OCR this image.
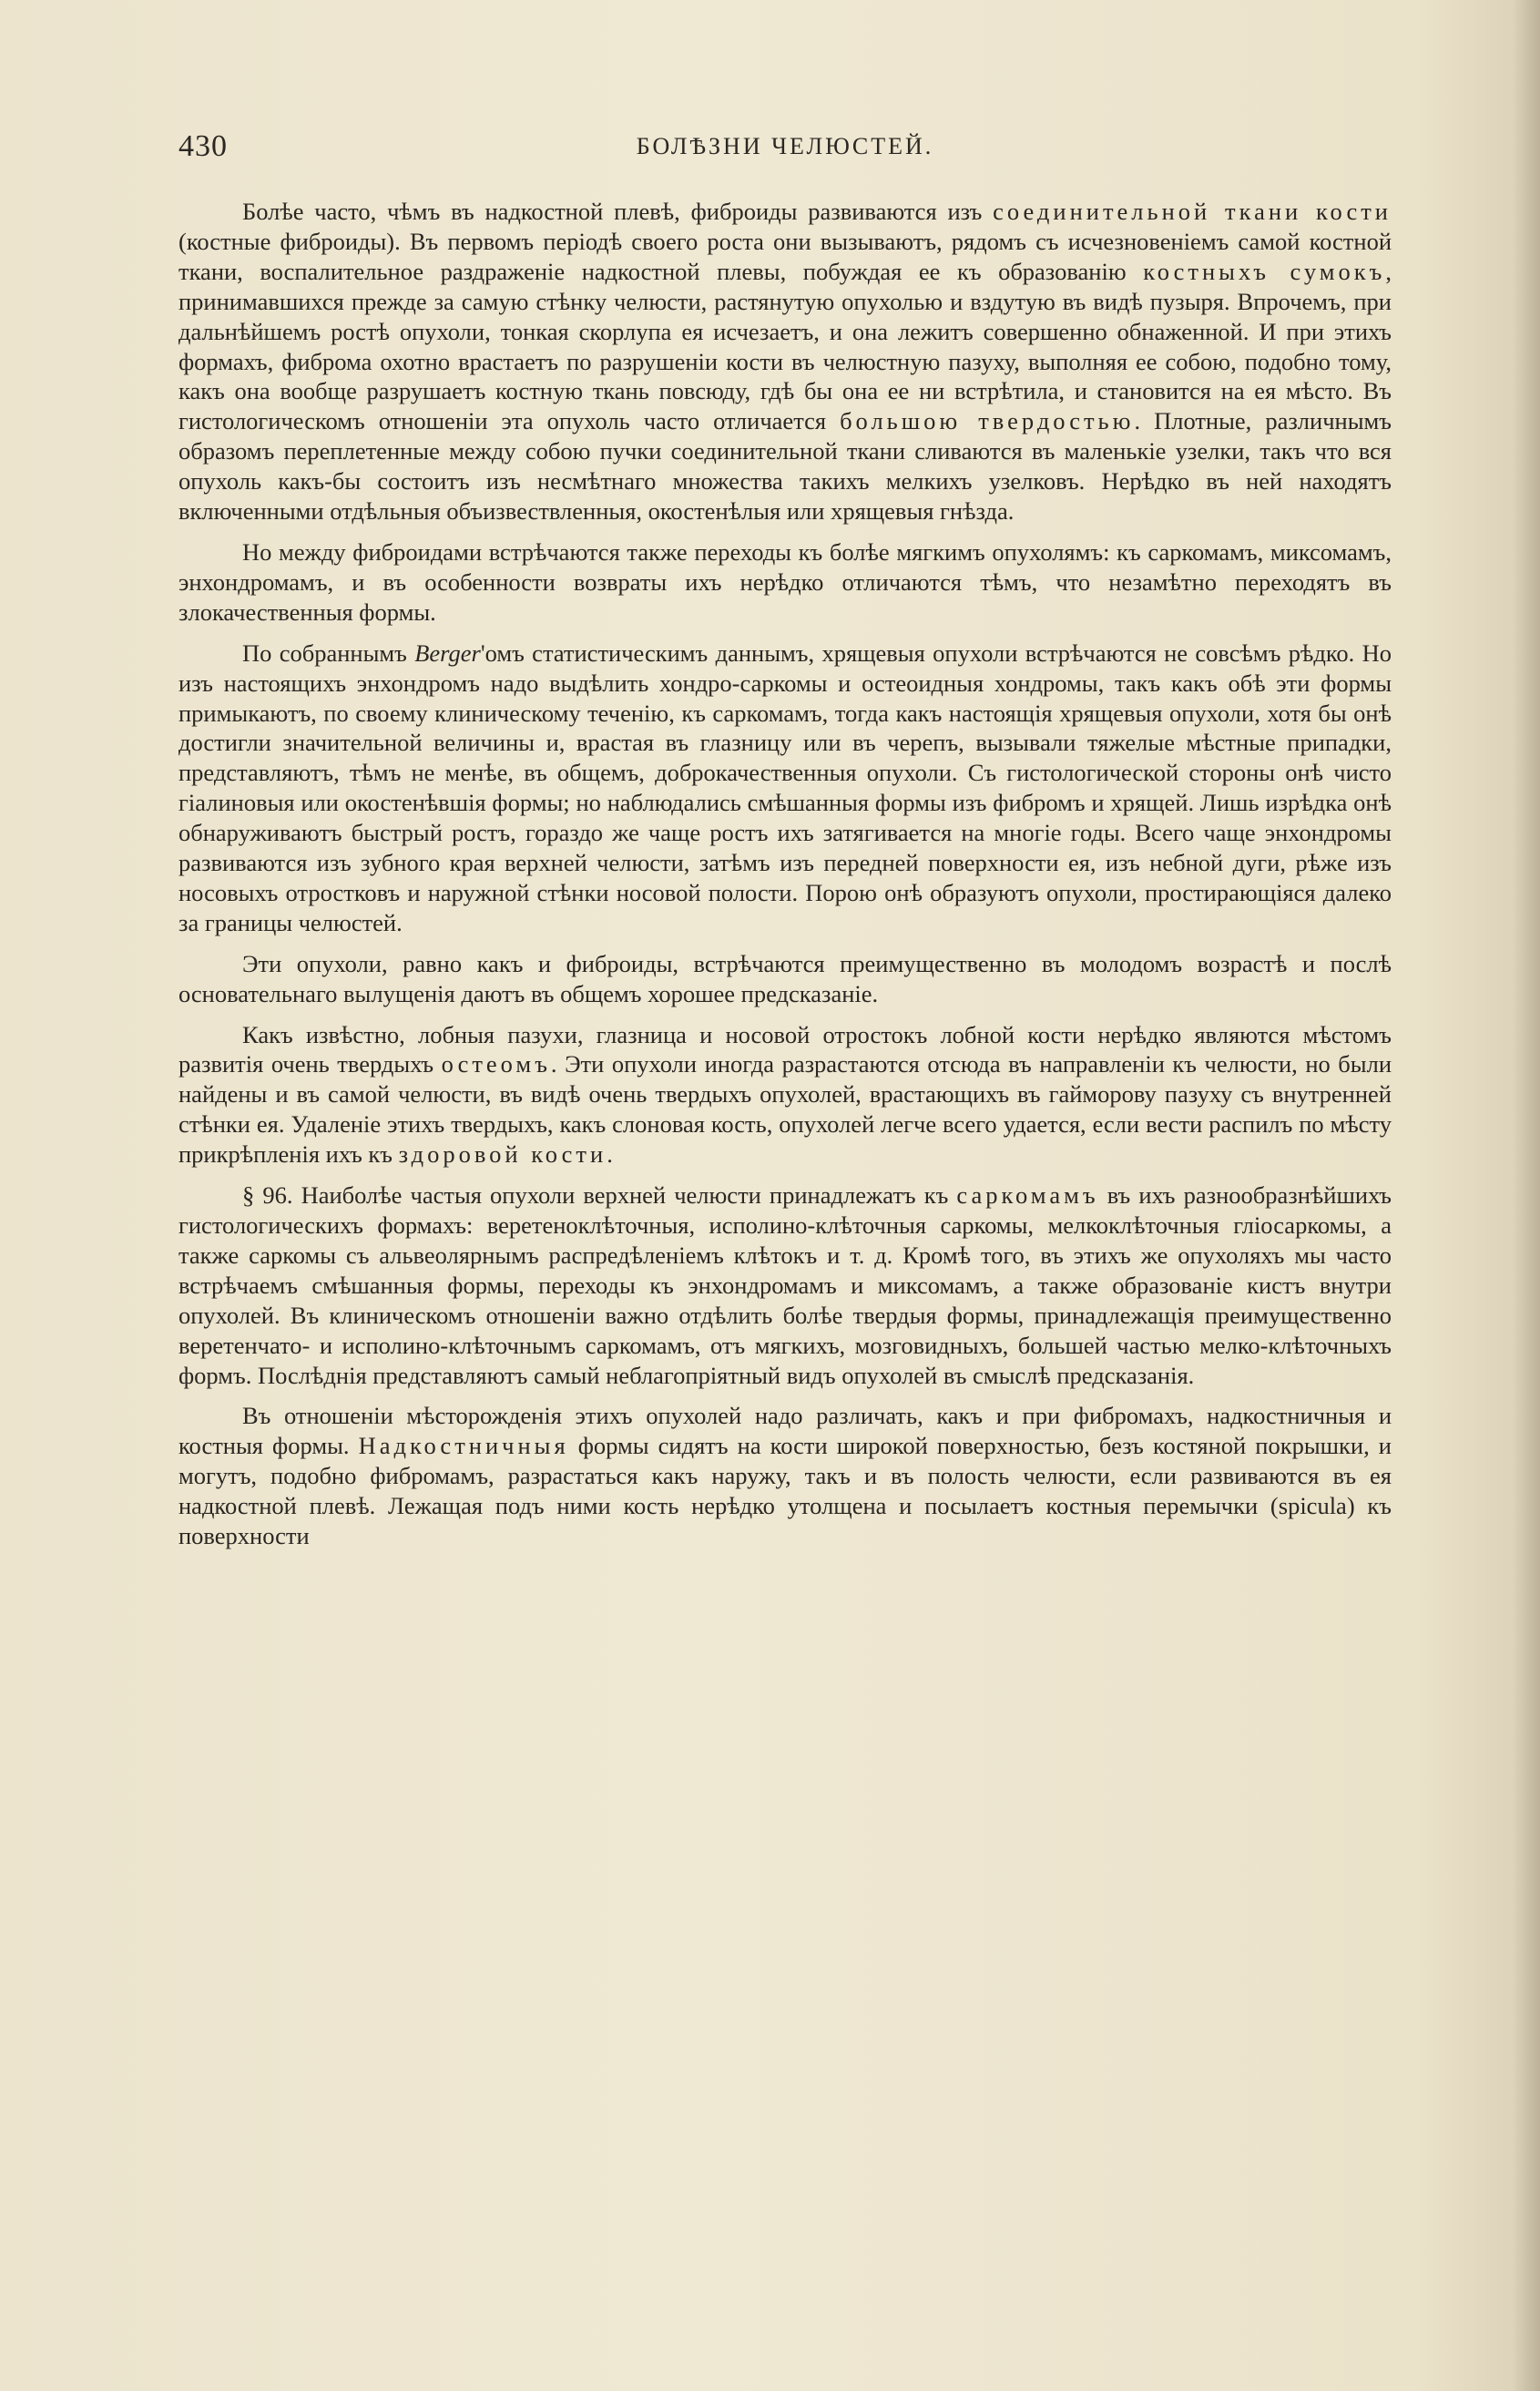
430	БОЛѢЗНИ ЧЕЛЮСТЕЙ.

Болѣе часто, чѣмъ въ надкостной плевѣ, фиброиды развиваются изъ соединительной ткани кости (костные фиброиды). Въ первомъ періодѣ своего роста они вызываютъ, рядомъ съ исчезновеніемъ самой костной ткани, воспалительное раздраженіе надкостной плевы, побуждая ее къ образованію костныхъ сумокъ, принимавшихся прежде за самую стѣнку челюсти, растянутую опухолью и вздутую въ видѣ пузыря. Впрочемъ, при дальнѣйшемъ ростѣ опухоли, тонкая скорлупа ея исчезаетъ, и она лежитъ совершенно обнаженной. И при этихъ формахъ, фиброма охотно врастаетъ по разрушеніи кости въ челюстную пазуху, выполняя ее собою, подобно тому, какъ она вообще разрушаетъ костную ткань повсюду, гдѣ бы она ее ни встрѣтила, и становится на ея мѣсто. Въ гистологическомъ отношеніи эта опухоль часто отличается большою твердостью. Плотные, различнымъ образомъ переплетенные между собою пучки соединительной ткани сливаются въ маленькіе узелки, такъ что вся опухоль какъ-бы состоитъ изъ несмѣтнаго множества такихъ мелкихъ узелковъ. Нерѣдко въ ней находятъ включенными отдѣльныя объизвествленныя, окостенѣлыя или хрящевыя гнѣзда.

Но между фиброидами встрѣчаются также переходы къ болѣе мягкимъ опухолямъ: къ саркомамъ, миксомамъ, энхондромамъ, и въ особенности возвраты ихъ нерѣдко отличаются тѣмъ, что незамѣтно переходятъ въ злокачественныя формы.

По собраннымъ Berger'омъ статистическимъ даннымъ, хрящевыя опухоли встрѣчаются не совсѣмъ рѣдко. Но изъ настоящихъ энхондромъ надо выдѣлить хондро-саркомы и остеоидныя хондромы, такъ какъ обѣ эти формы примыкаютъ, по своему клиническому теченію, къ саркомамъ, тогда какъ настоящія хрящевыя опухоли, хотя бы онѣ достигли значительной величины и, врастая въ глазницу или въ черепъ, вызывали тяжелые мѣстные припадки, представляютъ, тѣмъ не менѣе, въ общемъ, доброкачественныя опухоли. Съ гистологической стороны онѣ чисто гіалиновыя или окостенѣвшія формы; но наблюдались смѣшанныя формы изъ фибромъ и хрящей. Лишь изрѣдка онѣ обнаруживаютъ быстрый ростъ, гораздо же чаще ростъ ихъ затягивается на многіе годы. Всего чаще энхондромы развиваются изъ зубного края верхней челюсти, затѣмъ изъ передней поверхности ея, изъ небной дуги, рѣже изъ носовыхъ отростковъ и наружной стѣнки носовой полости. Порою онѣ образуютъ опухоли, простирающіяся далеко за границы челюстей.

Эти опухоли, равно какъ и фиброиды, встрѣчаются преимущественно въ молодомъ возрастѣ и послѣ основательнаго вылущенія даютъ въ общемъ хорошее предсказаніе.

Какъ извѣстно, лобныя пазухи, глазница и носовой отростокъ лобной кости нерѣдко являются мѣстомъ развитія очень твердыхъ остеомъ. Эти опухоли иногда разрастаются отсюда въ направленіи къ челюсти, но были найдены и въ самой челюсти, въ видѣ очень твердыхъ опухолей, врастающихъ въ гайморову пазуху съ внутренней стѣнки ея. Удаленіе этихъ твердыхъ, какъ слоновая кость, опухолей легче всего удается, если вести распилъ по мѣсту прикрѣпленія ихъ къ здоровой кости.

§ 96. Наиболѣе частыя опухоли верхней челюсти принадлежатъ къ саркомамъ въ ихъ разнообразнѣйшихъ гистологическихъ формахъ: веретеноклѣточныя, исполино-клѣточныя саркомы, мелкоклѣточныя гліосаркомы, а также саркомы съ альвеолярнымъ распредѣленіемъ клѣтокъ и т. д. Кромѣ того, въ этихъ же опухоляхъ мы часто встрѣчаемъ смѣшанныя формы, переходы къ энхондромамъ и миксомамъ, а также образованіе кистъ внутри опухолей. Въ клиническомъ отношеніи важно отдѣлить болѣе твердыя формы, принадлежащія преимущественно веретенчато- и исполино-клѣточнымъ саркомамъ, отъ мягкихъ, мозговидныхъ, большей частью мелко-клѣточныхъ формъ. Послѣднія представляютъ самый неблагопріятный видъ опухолей въ смыслѣ предсказанія.

Въ отношеніи мѣсторожденія этихъ опухолей надо различать, какъ и при фибромахъ, надкостничныя и костныя формы. Надкостничныя формы сидятъ на кости широкой поверхностью, безъ костяной покрышки, и могутъ, подобно фибромамъ, разрастаться какъ наружу, такъ и въ полость челюсти, если развиваются въ ея надкостной плевѣ. Лежащая подъ ними кость нерѣдко утолщена и посылаетъ костныя перемычки (spicula) къ поверхности
